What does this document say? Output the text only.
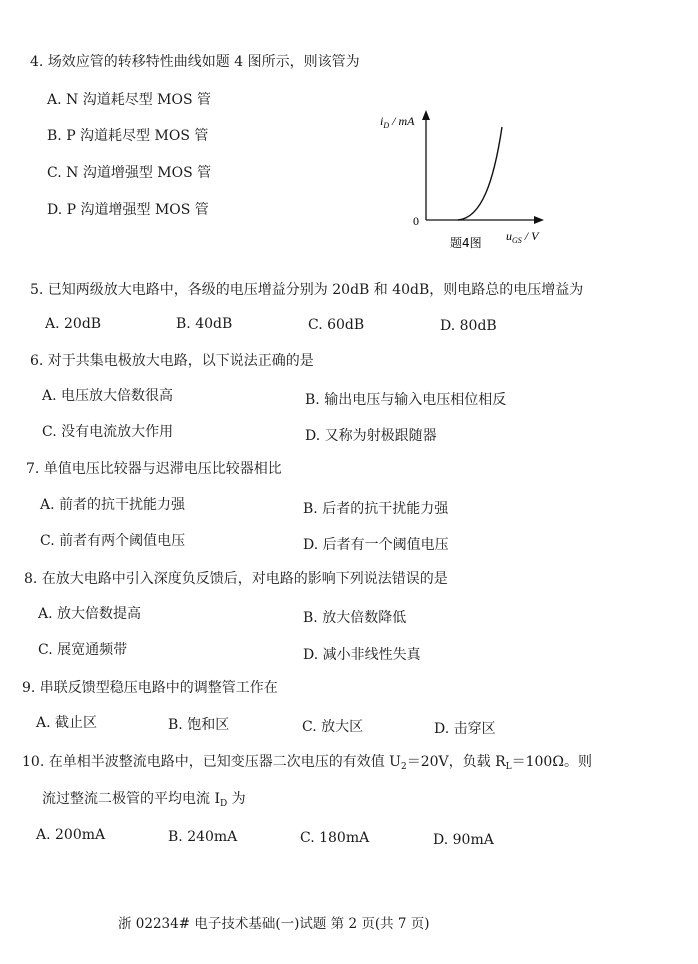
4. 场效应管的转移特性曲线如题 4 图所示，则该管为
A. N 沟道耗尽型 MOS 管
B. P 沟道耗尽型 MOS 管
C. N 沟道增强型 MOS 管
D. P 沟道增强型 MOS 管
$i_D$ / mA
0
$u_{GS}$ / V
题4图
5. 已知两级放大电路中，各级的电压增益分别为 20dB 和 40dB，则电路总的电压增益为
A. 20dB	B. 40dB	C. 60dB	D. 80dB
6. 对于共集电极放大电路，以下说法正确的是
A. 电压放大倍数很高	B. 输出电压与输入电压相位相反
C. 没有电流放大作用	D. 又称为射极跟随器
7. 单值电压比较器与迟滞电压比较器相比
A. 前者的抗干扰能力强	B. 后者的抗干扰能力强
C. 前者有两个阈值电压	D. 后者有一个阈值电压
8. 在放大电路中引入深度负反馈后，对电路的影响下列说法错误的是
A. 放大倍数提高	B. 放大倍数降低
C. 展宽通频带	D. 减小非线性失真
9. 串联反馈型稳压电路中的调整管工作在
A. 截止区	B. 饱和区	C. 放大区	D. 击穿区
10. 在单相半波整流电路中，已知变压器二次电压的有效值 $U_2=20V$，负载 $R_L=100\Omega$。则
流过整流二极管的平均电流 $I_D$ 为
A. 200mA	B. 240mA	C. 180mA	D. 90mA
浙 02234# 电子技术基础(一)试题 第 2 页(共 7 页)
